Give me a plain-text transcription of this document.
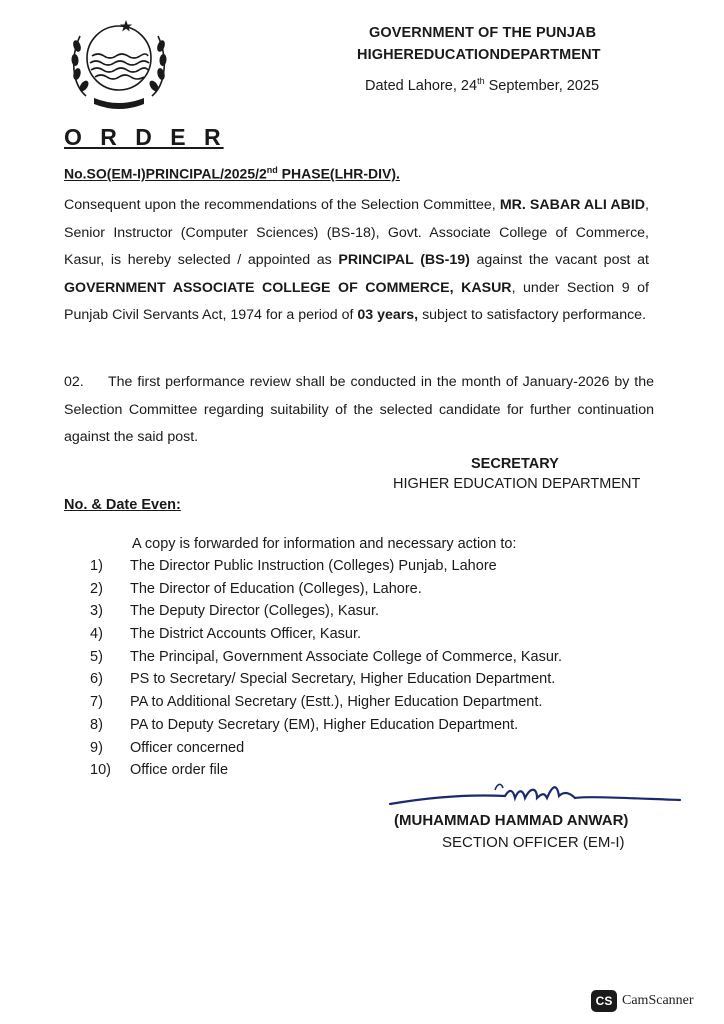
GOVERNMENT OF THE PUNJAB
HIGHEREDUCATIONDEPARTMENT
Dated Lahore, 24th September, 2025
O R D E R
No.SO(EM-I)PRINCIPAL/2025/2nd PHASE(LHR-DIV).
Consequent upon the recommendations of the Selection Committee, MR. SABAR ALI ABID, Senior Instructor (Computer Sciences) (BS-18), Govt. Associate College of Commerce, Kasur, is hereby selected / appointed as PRINCIPAL (BS-19) against the vacant post at GOVERNMENT ASSOCIATE COLLEGE OF COMMERCE, KASUR, under Section 9 of Punjab Civil Servants Act, 1974 for a period of 03 years, subject to satisfactory performance.
02. The first performance review shall be conducted in the month of January-2026 by the Selection Committee regarding suitability of the selected candidate for further continuation against the said post.
SECRETARY
HIGHER EDUCATION DEPARTMENT
No. & Date Even:
A copy is forwarded for information and necessary action to:
1)	The Director Public Instruction (Colleges) Punjab, Lahore
2)	The Director of Education (Colleges), Lahore.
3)	The Deputy Director (Colleges), Kasur.
4)	The District Accounts Officer, Kasur.
5)	The Principal, Government Associate College of Commerce, Kasur.
6)	PS to Secretary/ Special Secretary, Higher Education Department.
7)	PA to Additional Secretary (Estt.), Higher Education Department.
8)	PA to Deputy Secretary (EM), Higher Education Department.
9)	Officer concerned
10)	Office order file
(MUHAMMAD HAMMAD ANWAR)
SECTION OFFICER (EM-I)
CS CamScanner
